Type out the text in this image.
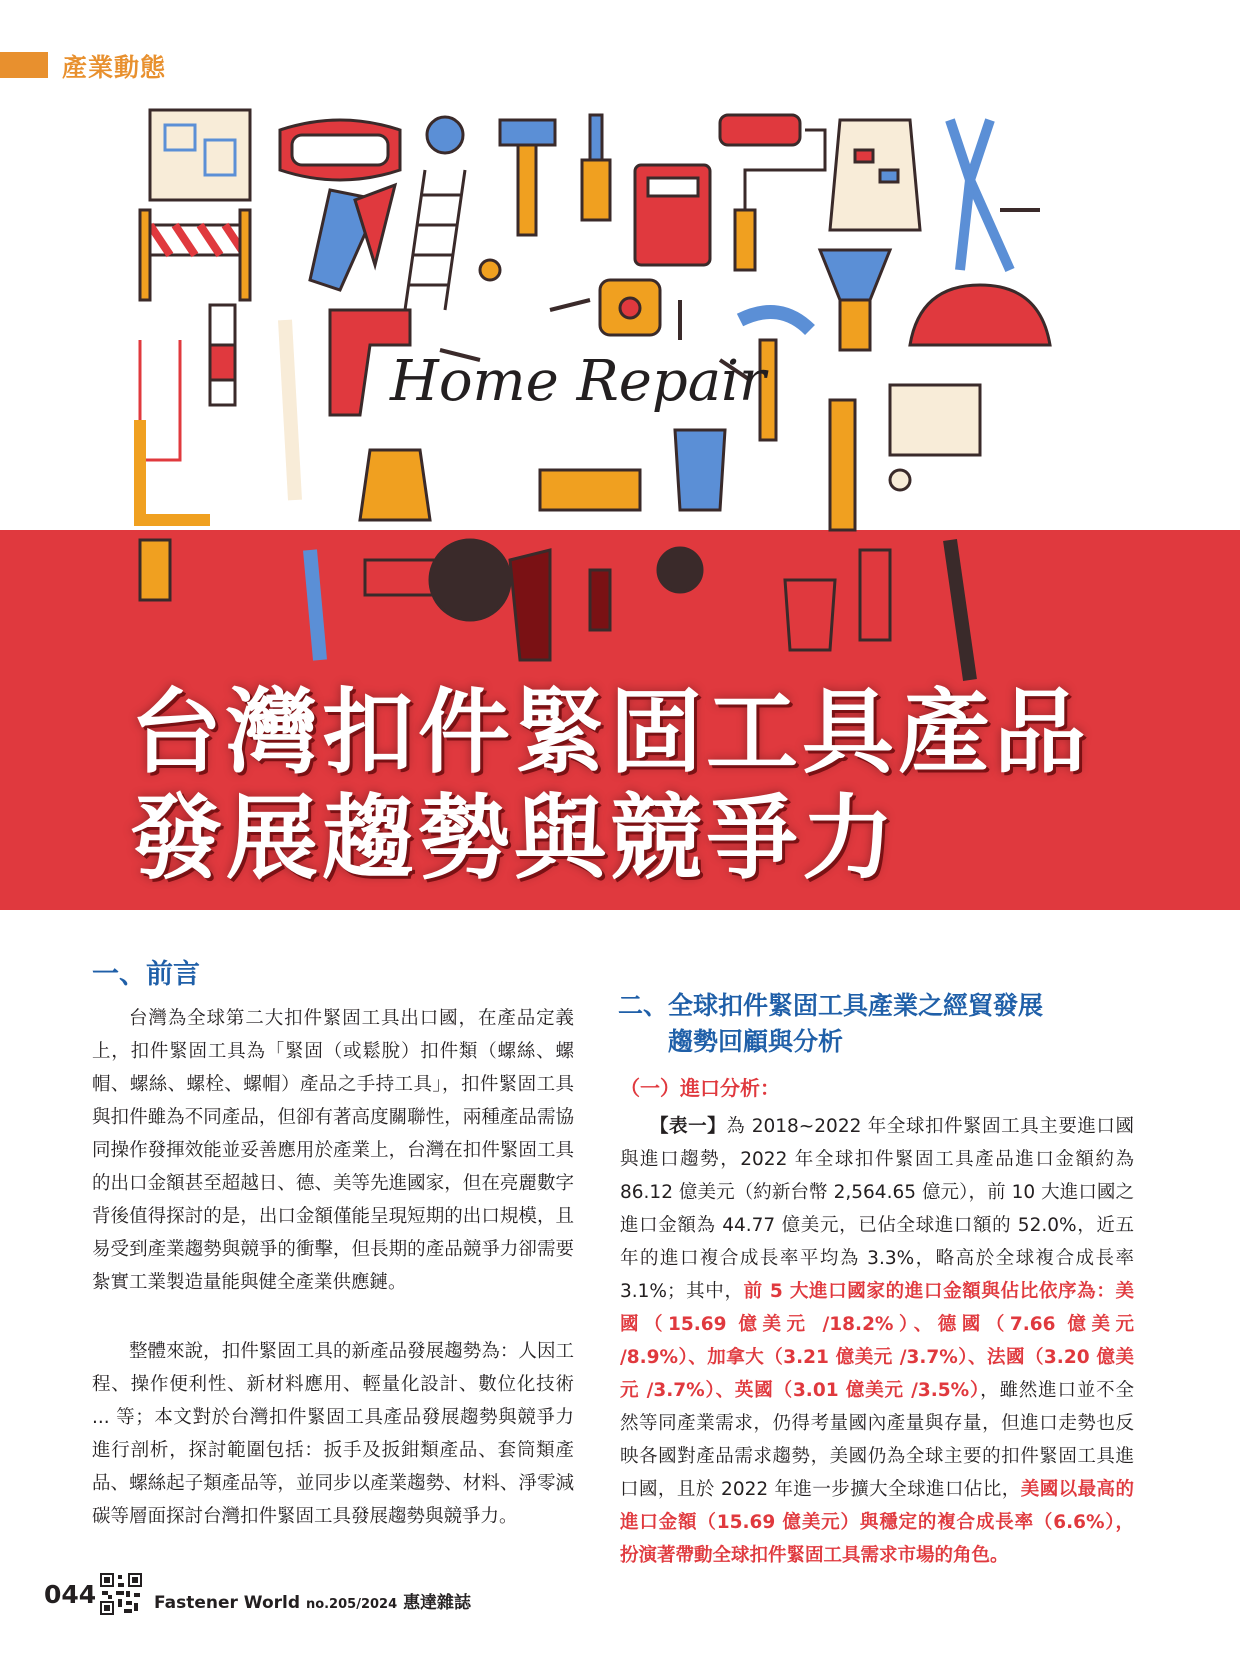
產業動態
Home Repair
台灣扣件緊固工具產品
發展趨勢與競爭力
一、前言

台灣為全球第二大扣件緊固工具出口國，在產品定義上，扣件緊固工具為「緊固（或鬆脫）扣件類（螺絲、螺帽、螺絲、螺栓、螺帽）產品之手持工具」，扣件緊固工具與扣件雖為不同產品，但卻有著高度關聯性，兩種產品需協同操作發揮效能並妥善應用於產業上，台灣在扣件緊固工具的出口金額甚至超越日、德、美等先進國家，但在亮麗數字背後值得探討的是，出口金額僅能呈現短期的出口規模，且易受到產業趨勢與競爭的衝擊，但長期的產品競爭力卻需要紮實工業製造量能與健全產業供應鏈。

整體來說，扣件緊固工具的新產品發展趨勢為：人因工程、操作便利性、新材料應用、輕量化設計、數位化技術 ... 等；本文對於台灣扣件緊固工具產品發展趨勢與競爭力進行剖析，探討範圍包括：扳手及扳鉗類產品、套筒類產品、螺絲起子類產品等，並同步以產業趨勢、材料、淨零減碳等層面探討台灣扣件緊固工具發展趨勢與競爭力。

二、全球扣件緊固工具產業之經貿發展
趨勢回顧與分析
（一）進口分析：

【表一】為 2018~2022 年全球扣件緊固工具主要進口國與進口趨勢，2022 年全球扣件緊固工具產品進口金額約為 86.12 億美元（約新台幣 2,564.65 億元），前 10 大進口國之進口金額為 44.77 億美元，已佔全球進口額的 52.0%，近五年的進口複合成長率平均為 3.3%，略高於全球複合成長率 3.1%；其中，前 5 大進口國家的進口金額與佔比依序為：美國（15.69 億美元 /18.2%）、德國（7.66 億美元 /8.9%）、加拿大（3.21 億美元 /3.7%）、法國（3.20 億美元 /3.7%）、英國（3.01 億美元 /3.5%），雖然進口並不全然等同產業需求，仍得考量國內產量與存量，但進口走勢也反映各國對產品需求趨勢，美國仍為全球主要的扣件緊固工具進口國，且於 2022 年進一步擴大全球進口佔比，美國以最高的進口金額（15.69 億美元）與穩定的複合成長率（6.6%），扮演著帶動全球扣件緊固工具需求市場的角色。

044	Fastener World no.205/2024 惠達雜誌
